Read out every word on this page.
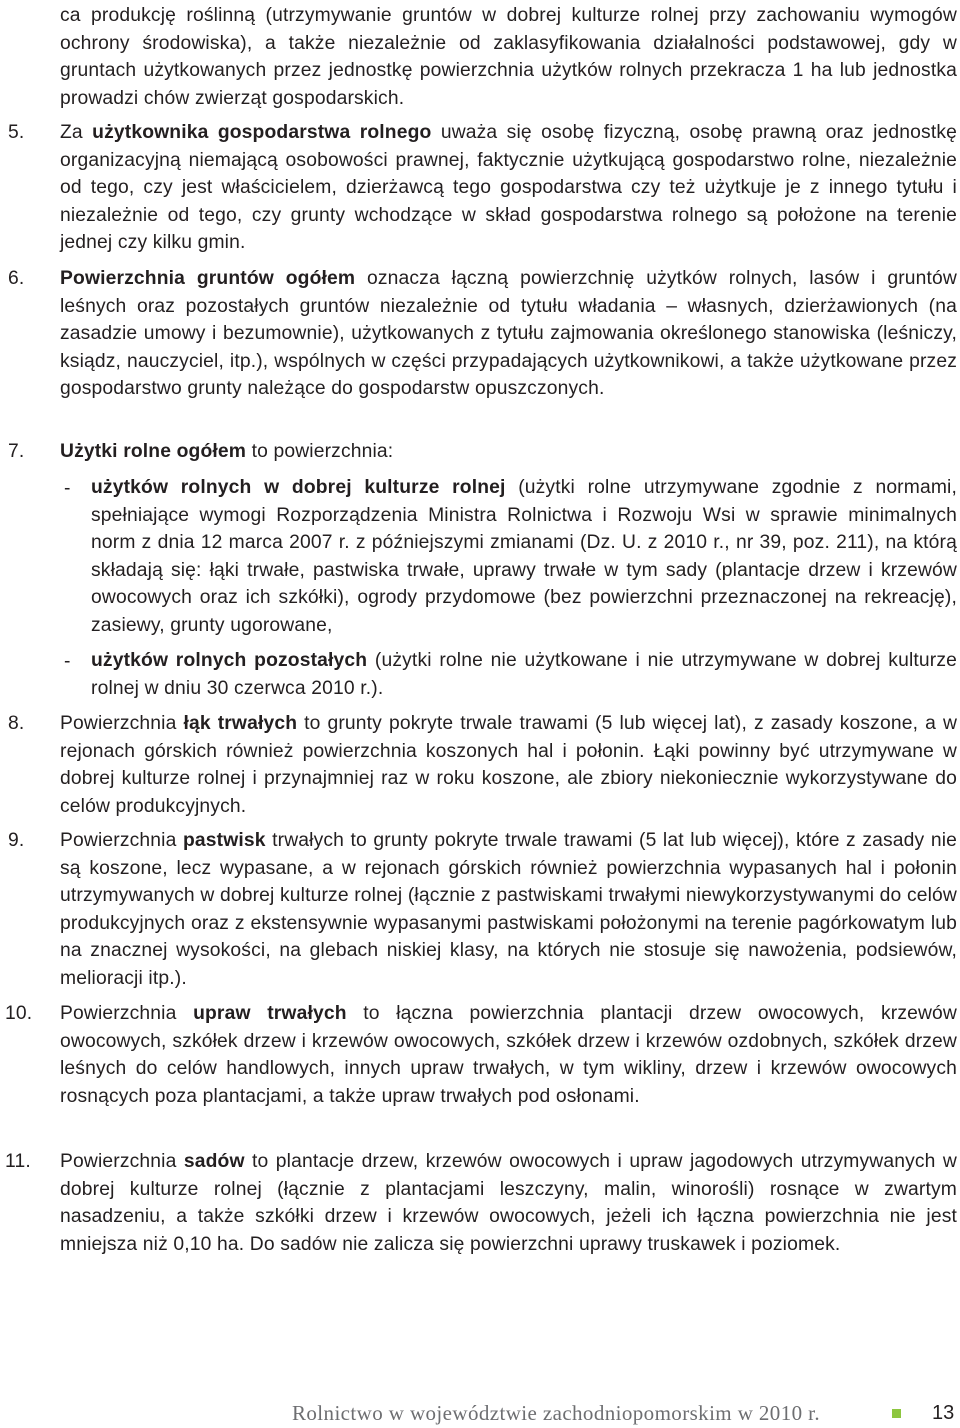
ca produkcję roślinną (utrzymywanie gruntów w dobrej kulturze rolnej przy zachowaniu wymogów ochrony środowiska), a także niezależnie od zaklasyfikowania działalności podstawowej, gdy w gruntach użytkowanych przez jednostkę powierzchnia użytków rolnych przekracza 1 ha lub jednostka prowadzi chów zwierząt gospodarskich.
5. Za użytkownika gospodarstwa rolnego uważa się osobę fizyczną, osobę prawną oraz jednostkę organizacyjną niemającą osobowości prawnej, faktycznie użytkującą gospodarstwo rolne, niezależnie od tego, czy jest właścicielem, dzierżawcą tego gospodarstwa czy też użytkuje je z innego tytułu i niezależnie od tego, czy grunty wchodzące w skład gospodarstwa rolnego są położone na terenie jednej czy kilku gmin.
6. Powierzchnia gruntów ogółem oznacza łączną powierzchnię użytków rolnych, lasów i gruntów leśnych oraz pozostałych gruntów niezależnie od tytułu władania – własnych, dzierżawionych (na zasadzie umowy i bezumownie), użytkowanych z tytułu zajmowania określonego stanowiska (leśniczy, ksiądz, nauczyciel, itp.), wspólnych w części przypadających użytkownikowi, a także użytkowane przez gospodarstwo grunty należące do gospodarstw opuszczonych.
7. Użytki rolne ogółem to powierzchnia:
- użytków rolnych w dobrej kulturze rolnej (użytki rolne utrzymywane zgodnie z normami, spełniające wymogi Rozporządzenia Ministra Rolnictwa i Rozwoju Wsi w sprawie minimalnych norm z dnia 12 marca 2007 r. z późniejszymi zmianami (Dz. U. z 2010 r., nr 39, poz. 211), na którą składają się: łąki trwałe, pastwiska trwałe, uprawy trwałe w tym sady (plantacje drzew i krzewów owocowych oraz ich szkółki), ogrody przydomowe (bez powierzchni przeznaczonej na rekreację), zasiewy, grunty ugorowane,
- użytków rolnych pozostałych (użytki rolne nie użytkowane i nie utrzymywane w dobrej kulturze rolnej w dniu 30 czerwca 2010 r.).
8. Powierzchnia łąk trwałych to grunty pokryte trwale trawami (5 lub więcej lat), z zasady koszone, a w rejonach górskich również powierzchnia koszonych hal i połonin. Łąki powinny być utrzymywane w dobrej kulturze rolnej i przynajmniej raz w roku koszone, ale zbiory niekoniecznie wykorzystywane do celów produkcyjnych.
9. Powierzchnia pastwisk trwałych to grunty pokryte trwale trawami (5 lat lub więcej), które z zasady nie są koszone, lecz wypasane, a w rejonach górskich również powierzchnia wypasanych hal i połonin utrzymywanych w dobrej kulturze rolnej (łącznie z pastwiskami trwałymi niewykorzystywanymi do celów produkcyjnych oraz z ekstensywnie wypasanymi pastwiskami położonymi na terenie pagórkowatym lub na znacznej wysokości, na glebach niskiej klasy, na których nie stosuje się nawożenia, podsiewów, melioracji itp.).
10. Powierzchnia upraw trwałych to łączna powierzchnia plantacji drzew owocowych, krzewów owocowych, szkółek drzew i krzewów owocowych, szkółek drzew i krzewów ozdobnych, szkółek drzew leśnych do celów handlowych, innych upraw trwałych, w tym wikliny, drzew i krzewów owocowych rosnących poza plantacjami, a także upraw trwałych pod osłonami.
11. Powierzchnia sadów to plantacje drzew, krzewów owocowych i upraw jagodowych utrzymywanych w dobrej kulturze rolnej (łącznie z plantacjami leszczyny, malin, winorośli) rosnące w zwartym nasadzeniu, a także szkółki drzew i krzewów owocowych, jeżeli ich łączna powierzchnia nie jest mniejsza niż 0,10 ha. Do sadów nie zalicza się powierzchni uprawy truskawek i poziomek.
Rolnictwo w województwie zachodniopomorskim w 2010 r.	13
